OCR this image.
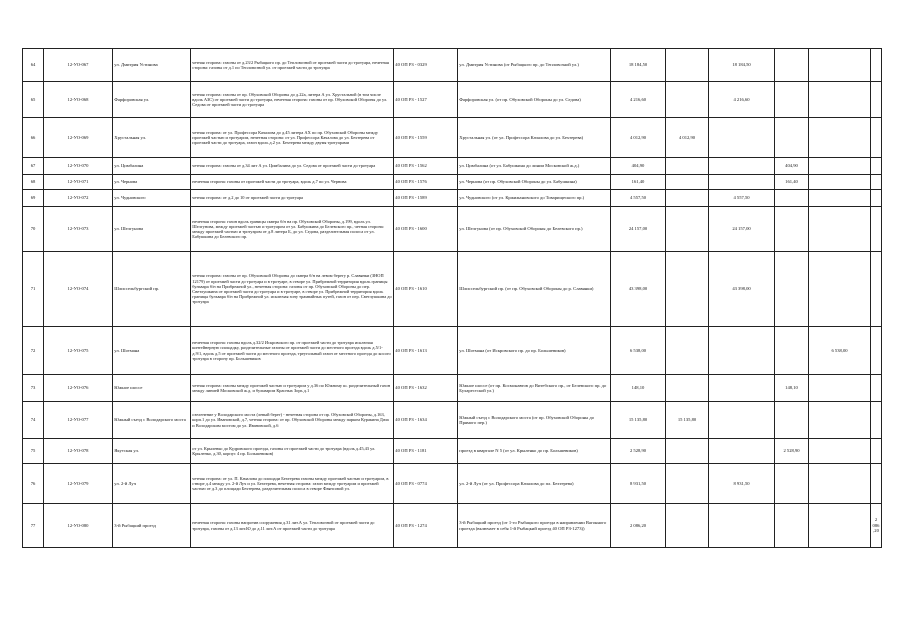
64	12-УО-067	ул. Дмитрия Устинова	четная сторона: газоны от д.23/2 Рыбацкого пр. до Тепловозной от проезжей части до тротуара, нечетная сторона: газоны от д.1 по Тепловозной ул. от проезжей части до тротуара	40 ОП РЗ - 0329	ул. Дмитрия Устинова (от Рыбацкого пр. до Тепловозной ул.)	18 184,50		18 184,50			
65	12-УО-068	Фарфоровская ул.	четная сторона: газоны от пр. Обуховской Обороны до д.22а, литера А ул. Хрустальной (в том числе вдоль АЗС) от проезжей части до тротуара, нечетная сторона: газоны от пр. Обуховской Обороны до ул. Седова от проезжей части до тротуара	40 ОП РЗ - 1527	Фарфоровская ул. (от пр. Обуховской Обороны до ул. Седова)	4 216,60		4 216,60			
66	12-УО-069	Хрустальная ул.	четная сторона: от ул. Профессора Качалова до д.45 литера АХ по пр. Обуховской Обороны между проезжей частью и тротуаром, нечетная сторона: от ул. Профессора Качалова до ул. Бехтерева от проезжей части до тротуара, газон вдоль д.2 ул. Бехтерева между двумя тротуарами	40 ОП РЗ - 1559	Хрустальная ул. (от ул. Профессора Качалова до ул. Бехтерева)	4 012,90	4 012,90				
67	12-УО-070	ул. Цимбалина	четная сторона: газоны от д.34 лит А ул. Цимбалина до ул. Седова от проезжей части до тротуара	40 ОП РЗ - 1562	ул. Цимбалина (от ул. Бабушкина до линии Московской ж.д.)	404,90			404,90		
68	12-УО-071	ул. Чернова	нечетная сторона: газоны от проезжей части до тротуара, вдоль д.7 по ул. Чернова	40 ОП РЗ - 1576	ул. Чернова (от пр. Обуховской Обороны до ул. Бабушкина)	161,40			161,40		
69	12-УО-072	ул. Чудновского	четная сторона: от д.2 до 10 от проезжей части до тротуара	40 ОП РЗ - 1589	ул. Чудновского (от ул. Кржижановского до Товарищеского пр.)	4 557,50		4 557,50			
70	12-УО-073	ул. Шелгунова	нечетная сторона: газон вдоль границы сквера б/н на пр. Обуховской Обороны, д.199, вдоль ул. Шелгунова, между проезжей частью и тротуаром от ул. Бабушкина до Белевского пр., четная сторона: между проезжей частью и тротуаром от д.8 литера Б, до ул. Седова, разделительная полоса от ул. Бабушкина до Белевского пр.	40 ОП РЗ - 1600	ул. Шелгунова (от пр. Обуховской Обороны до Белевского пр.)	24 157,00		24 157,00			
71	12-УО-074	Шлиссельбургский пр.	четная сторона: газоны от пр. Обуховской Обороны до сквера б/н на левом берегу р. Славянки (ЗНОП 12179) от проезжей части до тротуара и в тротуаре, в створе ул. Прибрежной территория вдоль границы бульвара б/н на Прибрежной ул., нечетная сторона: газоны от пр. Обуховской Обороны до пер. Светлушкина от проезжей части до тротуара и в тротуаре, в створе ул. Прибрежной территория вдоль границы бульвара б/н на Прибрежной ул. исключая зону трамвайных путей, газон от пер. Светлушкина до тротуара	40 ОП РЗ - 1610	Шлиссельбургский пр. (от пр. Обуховской Обороны до р. Славянки)	43 398,00		43 398,00			
72	12-УО-075	ул. Шотмана	нечетная сторона: газоны вдоль д.32/2 Искровского пр. от проезжей части до тротуара исключая контейнерную площадку, разделительные газоны от проезжей части до местного проезда вдоль д.5/1-д.9/1, вдоль д.5 от проезжей части до местного проезда, треугольный газон от местного проезда до косого тротуара в сторону пр. Большевиков	40 ОП РЗ - 1613	ул. Шотмана (от Искровского пр. до пр. Большевиков)	6 538,00				6 538,00	
73	12-УО-076	Южное шоссе	четная сторона: газоны между проезжей частью и тротуаром у д.36 по Южному ш. разделительный газон между линией Московской ж.д. и бульваром Красных Зорь д.1	40 ОП РЗ - 1632	Южное шоссе (от пр. Космонавтов до Витебского пр., от Белевского пр. до Бухарестской ул.)	148,10			148,10		
74	12-УО-077	Южный съезд с Володарского моста	озеленение у Володарского моста (левый берег) - нечетная сторона от пр. Обуховской Обороны, д.163, корп.1 до ул. Ивановской, д.7, четная сторона: от пр. Обуховской Обороны между парком Куракина Дача и Володарским мостом до ул. Ивановской, д.6	40 ОП РЗ - 1634	Южный съезд с Володарского моста (от пр. Обуховской Обороны до Прямого пер.)	15 135,80	15 135,80				
75	12-УО-078	Якутская ул.	от ул. Крыленко до Кудровского проезда, газоны от проезжей части до тротуара (вдоль д.45,43 ул. Крыленко, д.30, корпус 4 пр. Большевиков)	40 ОП РЗ - 1181	проезд в квартале N 5 (от ул. Крыленко до пр. Большевиков)	2 528,90			2 528,90		
76	12-УО-079	ул. 2-й Луч	четная сторона: от ул. П. Качалова до площади Бехтерева газоны между проезжей частью и тротуаром, в створе д.4 между ул. 2-й Луч и ул. Бехтерева, нечетная сторона: газон между тротуаром и проезжей частью от д.3 до площади Бехтерева, разделительная полоса в створе Фаянсовой ул.	40 ОП РЗ - 0774	ул. 2-й Луч (от ул. Профессора Качалова до пл. Бехтерева)	8 931,50		8 931,50			
77	12-УО-080	3-й Рыбацкий проезд	нечетная сторона: газоны напротив сооружения д.31 лит.А ул. Тепловозной от проезжей части до тротуара, газоны от д.13 лит.Ю до д.11 лит.А от проезжей части до тротуара	40 ОП РЗ - 1274	3-й Рыбацкий проезд (от 1-го Рыбацкого проезда в направлении Вагонного проезда (включает в себя 1-й Рыбацкий проезд 40 ОП РЗ-1273))	2 086,20					2 086,20
